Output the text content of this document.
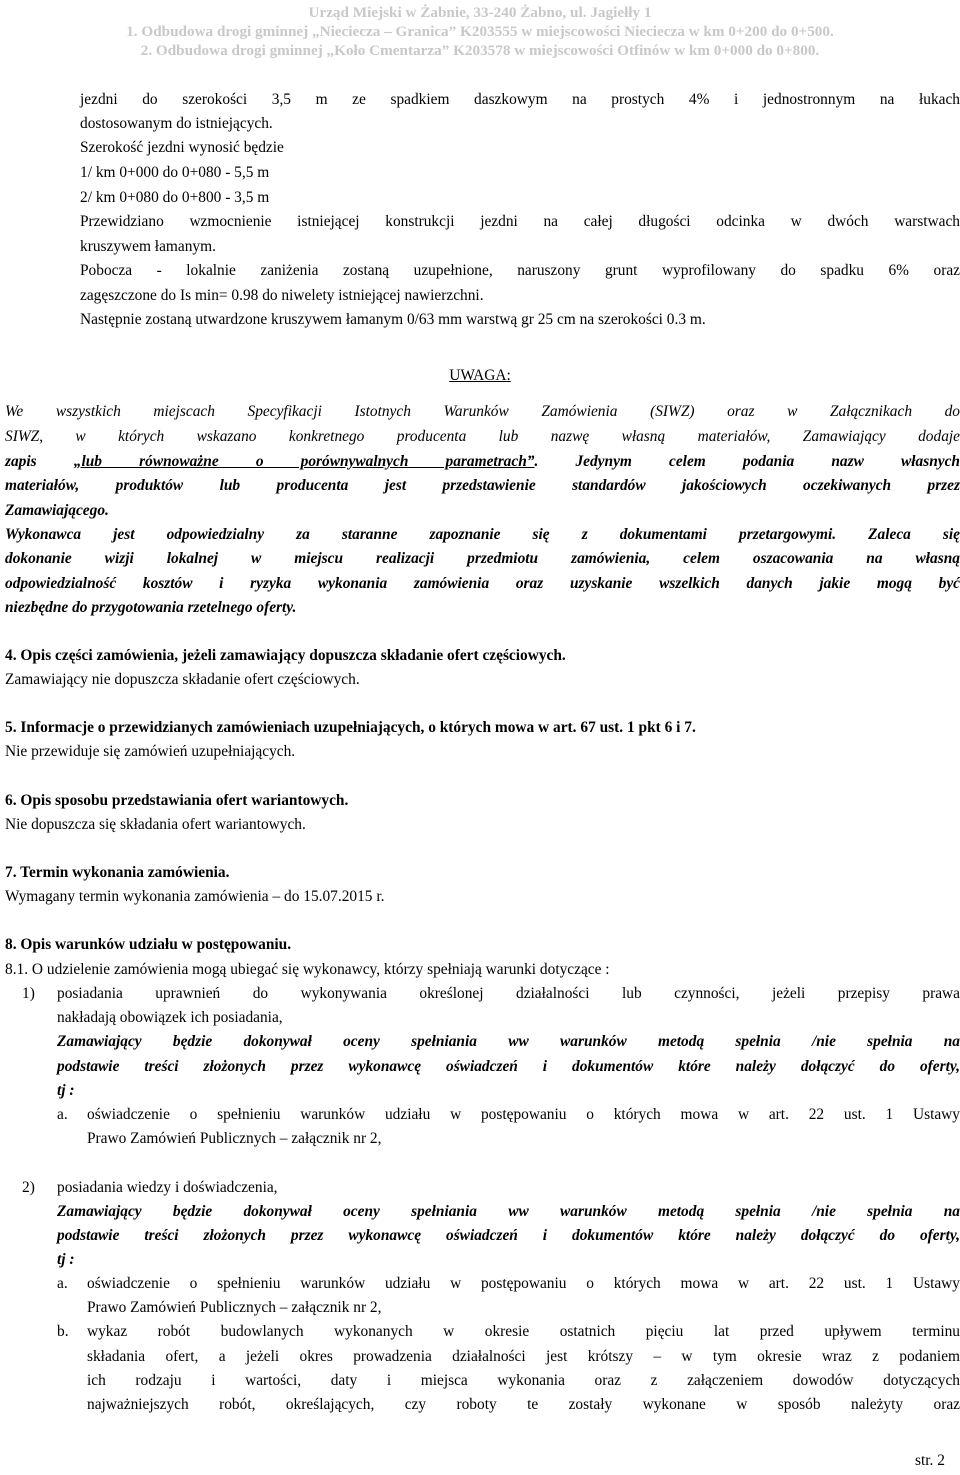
Urząd Miejski w Żabnie, 33-240 Żabno, ul. Jagiełły 1
1. Odbudowa drogi gminnej „Nieciecza – Granica” K203555 w miejscowości Nieciecza w km 0+200 do 0+500.
2. Odbudowa drogi gminnej „Koło Cmentarza” K203578 w miejscowości Otfinów w km 0+000 do 0+800.
jezdni do szerokości 3,5 m ze spadkiem daszkowym na prostych 4% i jednostronnym na łukach
dostosowanym do istniejących.
Szerokość jezdni wynosić będzie
1/ km 0+000 do 0+080 - 5,5 m
2/ km 0+080 do 0+800 - 3,5 m
Przewidziano wzmocnienie istniejącej konstrukcji jezdni na całej długości odcinka w dwóch warstwach
kruszywem łamanym.
Pobocza - lokalnie zaniżenia zostaną uzupełnione, naruszony grunt wyprofilowany do spadku 6% oraz
zagęszczone do Is min= 0.98 do niwelety istniejącej nawierzchni.
Następnie zostaną utwardzone kruszywem łamanym 0/63 mm warstwą gr 25 cm na szerokości 0.3 m.
UWAGA:
We wszystkich miejscach Specyfikacji Istotnych Warunków Zamówienia (SIWZ) oraz w Załącznikach do
SIWZ, w których wskazano konkretnego producenta lub nazwę własną materiałów, Zamawiający dodaje
zapis „lub równoważne o porównywalnych parametrach”. Jedynym celem podania nazw własnych
materiałów, produktów lub producenta jest przedstawienie standardów jakościowych oczekiwanych przez
Zamawiającego.
Wykonawca jest odpowiedzialny za staranne zapoznanie się z dokumentami przetargowymi. Zaleca się
dokonanie wizji lokalnej w miejscu realizacji przedmiotu zamówienia, celem oszacowania na własną
odpowiedzialność kosztów i ryzyka wykonania zamówienia oraz uzyskanie wszelkich danych jakie mogą być
niezbędne do przygotowania rzetelnego oferty.
4. Opis części zamówienia, jeżeli zamawiający dopuszcza składanie ofert częściowych.
Zamawiający nie dopuszcza składanie ofert częściowych.
5. Informacje o przewidzianych zamówieniach uzupełniających, o których mowa w art. 67 ust. 1 pkt 6 i 7.
Nie przewiduje się zamówień uzupełniających.
6. Opis sposobu przedstawiania ofert wariantowych.
Nie dopuszcza się składania ofert wariantowych.
7. Termin wykonania zamówienia.
Wymagany termin wykonania zamówienia – do 15.07.2015 r.
8. Opis warunków udziału w postępowaniu.
8.1. O udzielenie zamówienia mogą ubiegać się wykonawcy, którzy spełniają warunki dotyczące :
1) posiadania uprawnień do wykonywania określonej działalności lub czynności, jeżeli przepisy prawa
nakładają obowiązek ich posiadania,
Zamawiający będzie dokonywał oceny spełniania ww warunków metodą spełnia /nie spełnia na
podstawie treści złożonych przez wykonawcę oświadczeń i dokumentów które należy dołączyć do oferty,
tj :
a. oświadczenie o spełnieniu warunków udziału w postępowaniu o których mowa w art. 22 ust. 1 Ustawy
Prawo Zamówień Publicznych – załącznik nr 2,
2) posiadania wiedzy i doświadczenia,
Zamawiający będzie dokonywał oceny spełniania ww warunków metodą spełnia /nie spełnia na
podstawie treści złożonych przez wykonawcę oświadczeń i dokumentów które należy dołączyć do oferty,
tj :
a. oświadczenie o spełnieniu warunków udziału w postępowaniu o których mowa w art. 22 ust. 1 Ustawy
Prawo Zamówień Publicznych – załącznik nr 2,
b. wykaz robót budowlanych wykonanych w okresie ostatnich pięciu lat przed upływem terminu
składania ofert, a jeżeli okres prowadzenia działalności jest krótszy – w tym okresie wraz z podaniem
ich rodzaju i wartości, daty i miejsca wykonania oraz z załączeniem dowodów dotyczących
najważniejszych robót, określających, czy roboty te zostały wykonane w sposób należyty oraz
str. 2
